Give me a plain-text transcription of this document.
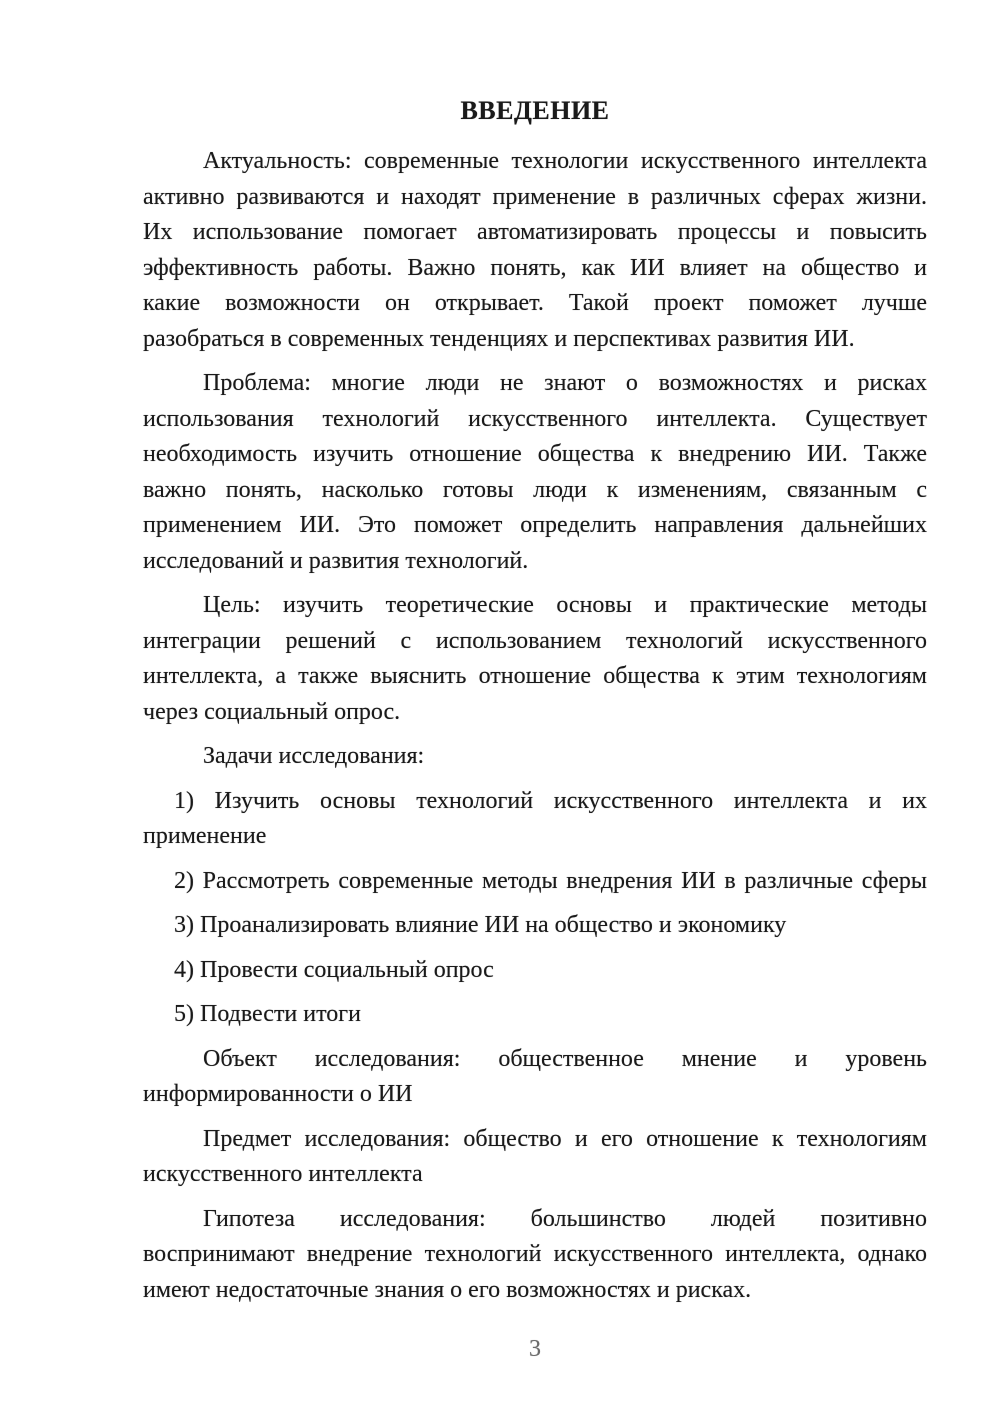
ВВЕДЕНИЕ
Актуальность: современные технологии искусственного интеллекта
активно развиваются и находят применение в различных сферах жизни.
Их использование помогает автоматизировать процессы и повысить
эффективность работы. Важно понять, как ИИ влияет на общество и
какие возможности он открывает. Такой проект поможет лучше
разобраться в современных тенденциях и перспективах развития ИИ.
Проблема: многие люди не знают о возможностях и рисках
использования технологий искусственного интеллекта. Существует
необходимость изучить отношение общества к внедрению ИИ. Также
важно понять, насколько готовы люди к изменениям, связанным с
применением ИИ. Это поможет определить направления дальнейших
исследований и развития технологий.
Цель: изучить теоретические основы и практические методы
интеграции решений с использованием технологий искусственного
интеллекта, а также выяснить отношение общества к этим технологиям
через социальный опрос.
Задачи исследования:
1) Изучить основы технологий искусственного интеллекта и их
применение
2) Рассмотреть современные методы внедрения ИИ в различные сферы
3) Проанализировать влияние ИИ на общество и экономику
4) Провести социальный опрос
5) Подвести итоги
Объект исследования: общественное мнение и уровень
информированности о ИИ
Предмет исследования: общество и его отношение к технологиям
искусственного интеллекта
Гипотеза исследования: большинство людей позитивно
воспринимают внедрение технологий искусственного интеллекта, однако
имеют недостаточные знания о его возможностях и рисках.
3
